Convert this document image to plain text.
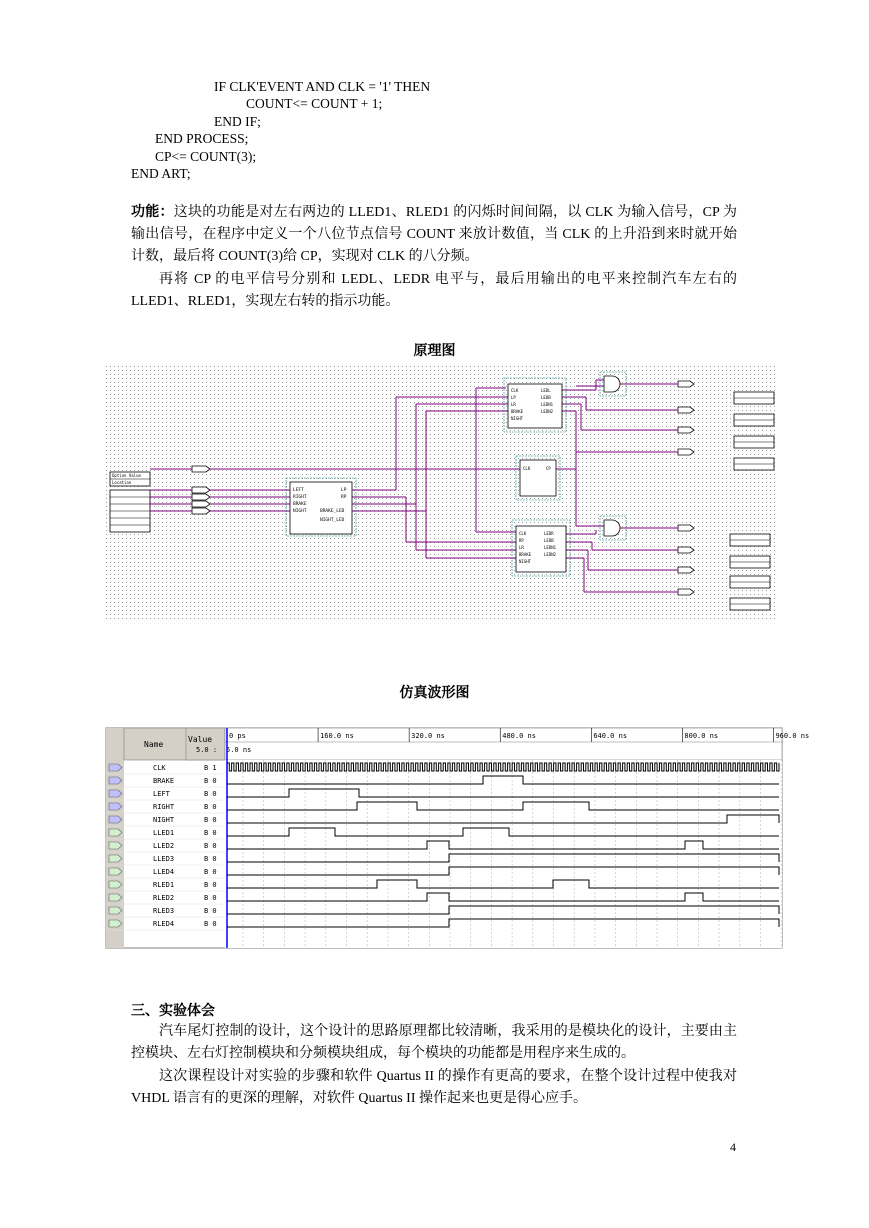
IF CLK'EVENT AND CLK = '1' THEN
COUNT<= COUNT + 1;
END IF;
END PROCESS;
CP<= COUNT(3);
END ART;
功能：这块的功能是对左右两边的 LLED1、RLED1 的闪烁时间间隔，以 CLK 为输入信号，CP 为输出信号，在程序中定义一个八位节点信号 COUNT 来放计数值，当 CLK 的上升沿到来时就开始计数，最后将 COUNT(3)给 CP，实现对 CLK 的八分频。
再将 CP 的电平信号分别和 LEDL、LEDR 电平与，最后用输出的电平来控制汽车左右的 LLED1、RLED1，实现左右转的指示功能。
原理图
Option Value
Location
LEFT
RIGHT
BRAKE
NIGHT
LP
RP
BRAKE_LED
NIGHT_LED
CLK
LP
LR
BRAKE
NIGHT
LEDL
LEDB
LEDN1
LEDN2
CLK	CP
CLK
RP
LR
BRAKE
NIGHT
LEDR
LEDB
LEDN1
LEDN2
仿真波形图
Name
Value
5.0 : 5.0 ns
0 ps	160.0 ns	320.0 ns	480.0 ns	640.0 ns	800.0 ns	960.0 ns
CLK	B 1
BRAKE	B 0
LEFT	B 0
RIGHT	B 0
NIGHT	B 0
LLED1	B 0
LLED2	B 0
LLED3	B 0
LLED4	B 0
RLED1	B 0
RLED2	B 0
RLED3	B 0
RLED4	B 0
三、实验体会
汽车尾灯控制的设计，这个设计的思路原理都比较清晰，我采用的是模块化的设计，主要由主控模块、左右灯控制模块和分频模块组成，每个模块的功能都是用程序来生成的。
这次课程设计对实验的步骤和软件 Quartus II 的操作有更高的要求，在整个设计过程中使我对 VHDL 语言有的更深的理解，对软件 Quartus II 操作起来也更是得心应手。
4
